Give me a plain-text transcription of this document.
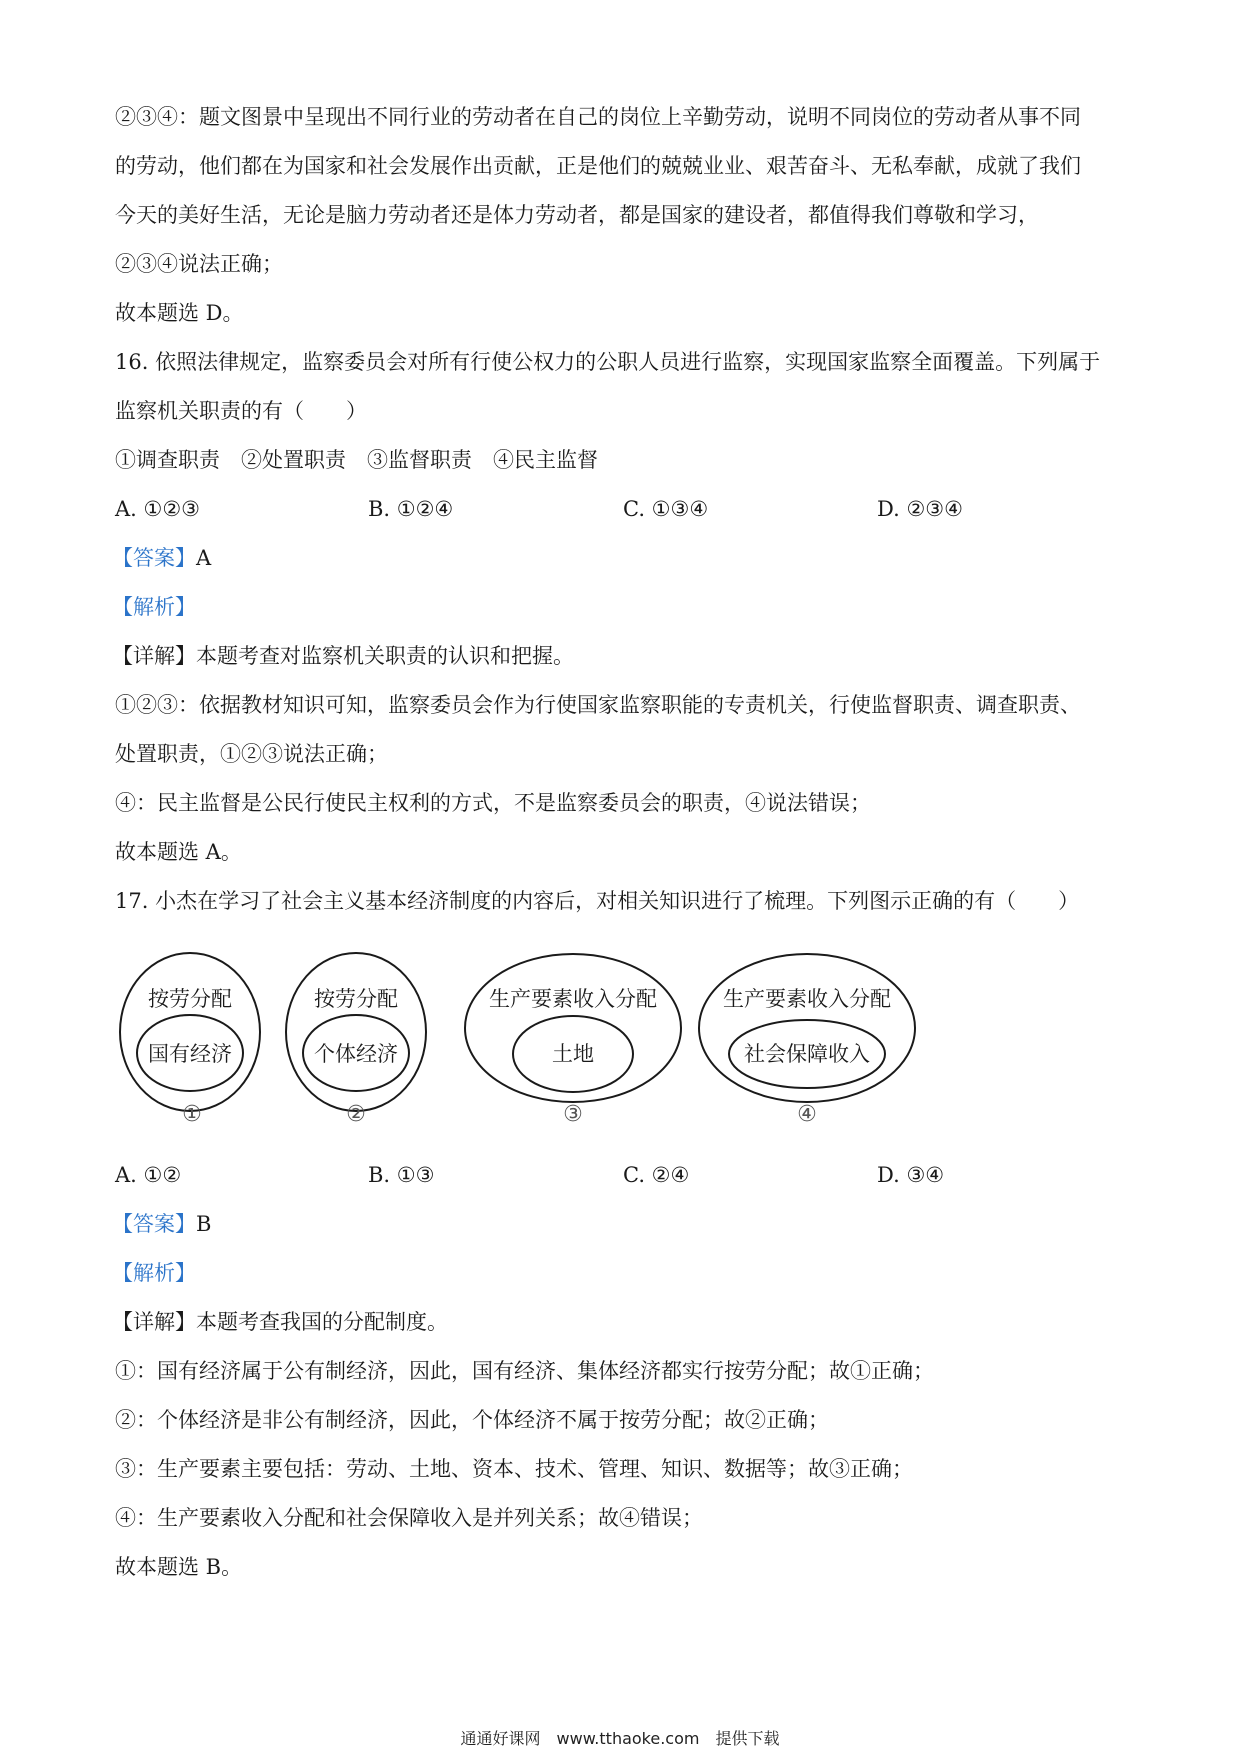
②③④：题文图景中呈现出不同行业的劳动者在自己的岗位上辛勤劳动，说明不同岗位的劳动者从事不同
的劳动，他们都在为国家和社会发展作出贡献，正是他们的兢兢业业、艰苦奋斗、无私奉献，成就了我们
今天的美好生活，无论是脑力劳动者还是体力劳动者，都是国家的建设者，都值得我们尊敬和学习，
②③④说法正确；
故本题选 D。
16. 依照法律规定，监察委员会对所有行使公权力的公职人员进行监察，实现国家监察全面覆盖。下列属于
监察机关职责的有（　　）
①调查职责　②处置职责　③监督职责　④民主监督
A. ①②③	B. ①②④	C. ①③④	D. ②③④
【答案】A
【解析】
【详解】本题考查对监察机关职责的认识和把握。
①②③：依据教材知识可知，监察委员会作为行使国家监察职能的专责机关，行使监督职责、调查职责、
处置职责，①②③说法正确；
④：民主监督是公民行使民主权利的方式，不是监察委员会的职责，④说法错误；
故本题选 A。
17. 小杰在学习了社会主义基本经济制度的内容后，对相关知识进行了梳理。下列图示正确的有（　　）
按劳分配
国有经济
按劳分配
个体经济
生产要素收入分配
土地
生产要素收入分配
社会保障收入
①	②	③	④
A. ①②	B. ①③	C. ②④	D. ③④
【答案】B
【解析】
【详解】本题考查我国的分配制度。
①：国有经济属于公有制经济，因此，国有经济、集体经济都实行按劳分配；故①正确；
②：个体经济是非公有制经济，因此，个体经济不属于按劳分配；故②正确；
③：生产要素主要包括：劳动、土地、资本、技术、管理、知识、数据等；故③正确；
④：生产要素收入分配和社会保障收入是并列关系；故④错误；
故本题选 B。
通通好课网　www.tthaoke.com　提供下载
